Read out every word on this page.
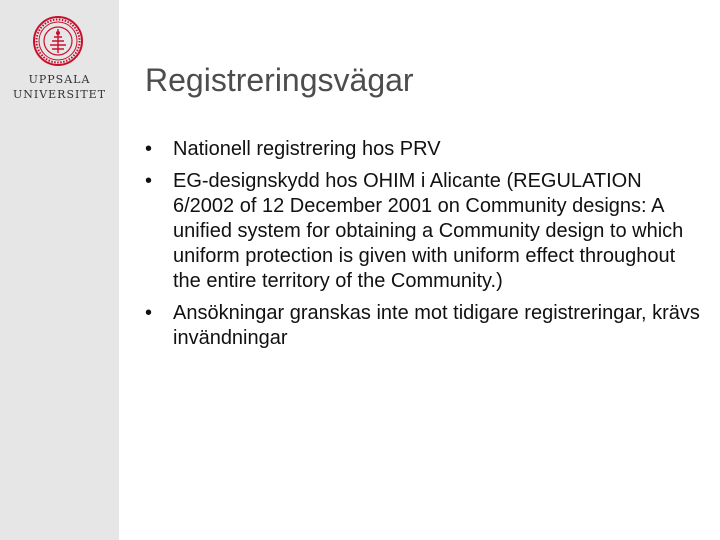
UPPSALA
UNIVERSITET	Registreringsvägar
•	Nationell registrering hos PRV
•	EG-designskydd hos OHIM i Alicante (REGULATION 6/2002 of 12 December 2001 on Community designs: A unified system for obtaining a Community design to which uniform protection is given with uniform effect throughout the entire territory of the Community.)
•	Ansökningar granskas inte mot tidigare registreringar, krävs invändningar
